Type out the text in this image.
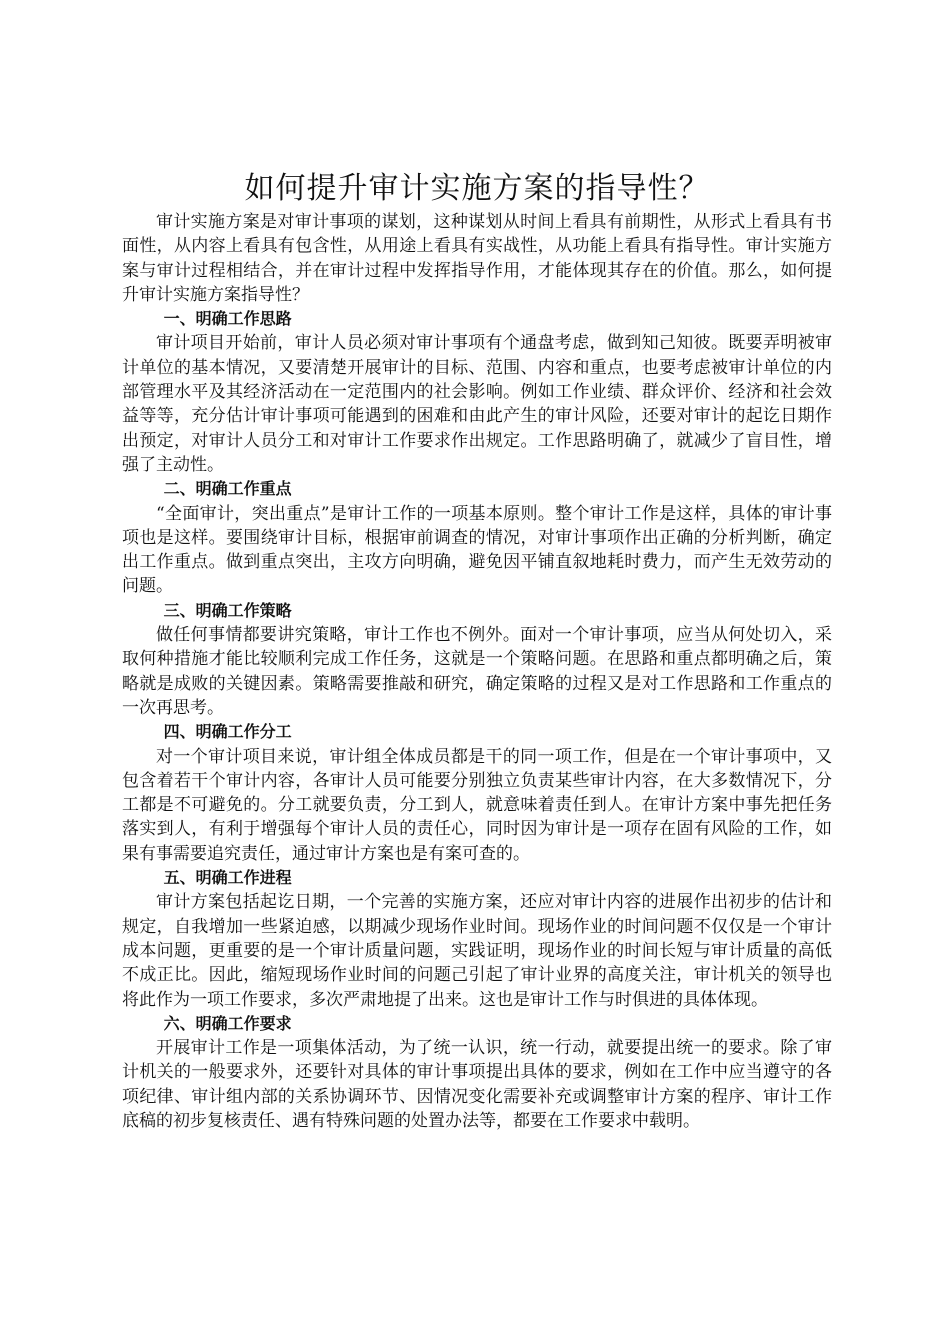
如何提升审计实施方案的指导性？

审计实施方案是对审计事项的谋划，这种谋划从时间上看具有前期性，从形式上看具有书面性，从内容上看具有包含性，从用途上看具有实战性，从功能上看具有指导性。审计实施方案与审计过程相结合，并在审计过程中发挥指导作用，才能体现其存在的价值。那么，如何提升审计实施方案指导性？

一、明确工作思路

审计项目开始前，审计人员必须对审计事项有个通盘考虑，做到知己知彼。既要弄明被审计单位的基本情况，又要清楚开展审计的目标、范围、内容和重点，也要考虑被审计单位的内部管理水平及其经济活动在一定范围内的社会影响。例如工作业绩、群众评价、经济和社会效益等等，充分估计审计事项可能遇到的困难和由此产生的审计风险，还要对审计的起讫日期作出预定，对审计人员分工和对审计工作要求作出规定。工作思路明确了，就减少了盲目性，增强了主动性。

二、明确工作重点

“全面审计，突出重点”是审计工作的一项基本原则。整个审计工作是这样，具体的审计事项也是这样。要围绕审计目标，根据审前调查的情况，对审计事项作出正确的分析判断，确定出工作重点。做到重点突出，主攻方向明确，避免因平铺直叙地耗时费力，而产生无效劳动的问题。

三、明确工作策略

做任何事情都要讲究策略，审计工作也不例外。面对一个审计事项，应当从何处切入，采取何种措施才能比较顺利完成工作任务，这就是一个策略问题。在思路和重点都明确之后，策略就是成败的关键因素。策略需要推敲和研究，确定策略的过程又是对工作思路和工作重点的一次再思考。

四、明确工作分工

对一个审计项目来说，审计组全体成员都是干的同一项工作，但是在一个审计事项中，又包含着若干个审计内容，各审计人员可能要分别独立负责某些审计内容，在大多数情况下，分工都是不可避免的。分工就要负责，分工到人，就意味着责任到人。在审计方案中事先把任务落实到人，有利于增强每个审计人员的责任心，同时因为审计是一项存在固有风险的工作，如果有事需要追究责任，通过审计方案也是有案可查的。

五、明确工作进程

审计方案包括起讫日期，一个完善的实施方案，还应对审计内容的进展作出初步的估计和规定，自我增加一些紧迫感，以期减少现场作业时间。现场作业的时间问题不仅仅是一个审计成本问题，更重要的是一个审计质量问题，实践证明，现场作业的时间长短与审计质量的高低不成正比。因此，缩短现场作业时间的问题己引起了审计业界的高度关注，审计机关的领导也将此作为一项工作要求，多次严肃地提了出来。这也是审计工作与时俱进的具体体现。

六、明确工作要求

开展审计工作是一项集体活动，为了统一认识，统一行动，就要提出统一的要求。除了审计机关的一般要求外，还要针对具体的审计事项提出具体的要求，例如在工作中应当遵守的各项纪律、审计组内部的关系协调环节、因情况变化需要补充或调整审计方案的程序、审计工作底稿的初步复核责任、遇有特殊问题的处置办法等，都要在工作要求中载明。
